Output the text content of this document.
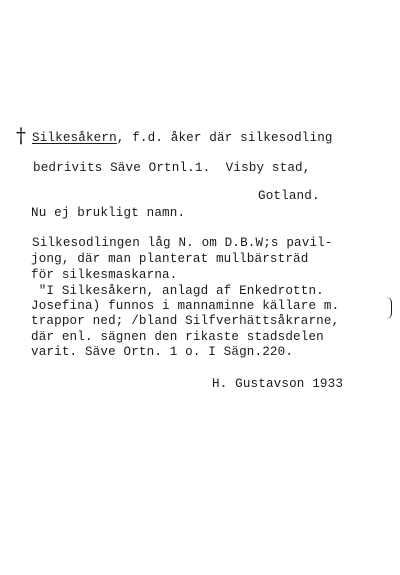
† Silkesåkern, f.d. åker där silkesodling
bedrivits Säve Ortnl.1.  Visby stad,
Gotland.
Nu ej brukligt namn.
Silkesodlingen låg N. om D.B.W;s pavil-
jong, där man planterat mullbärsträd
för silkesmaskarna.
"I Silkesåkern, anlagd af Enkedrottn.
Josefina) funnos i mannaminne källare m.
trappor ned; /bland Silfverhättsåkrarne,
där enl. sägnen den rikaste stadsdelen
varit. Säve Ortn. 1 o. I Sägn.220.
H. Gustavson 1933
